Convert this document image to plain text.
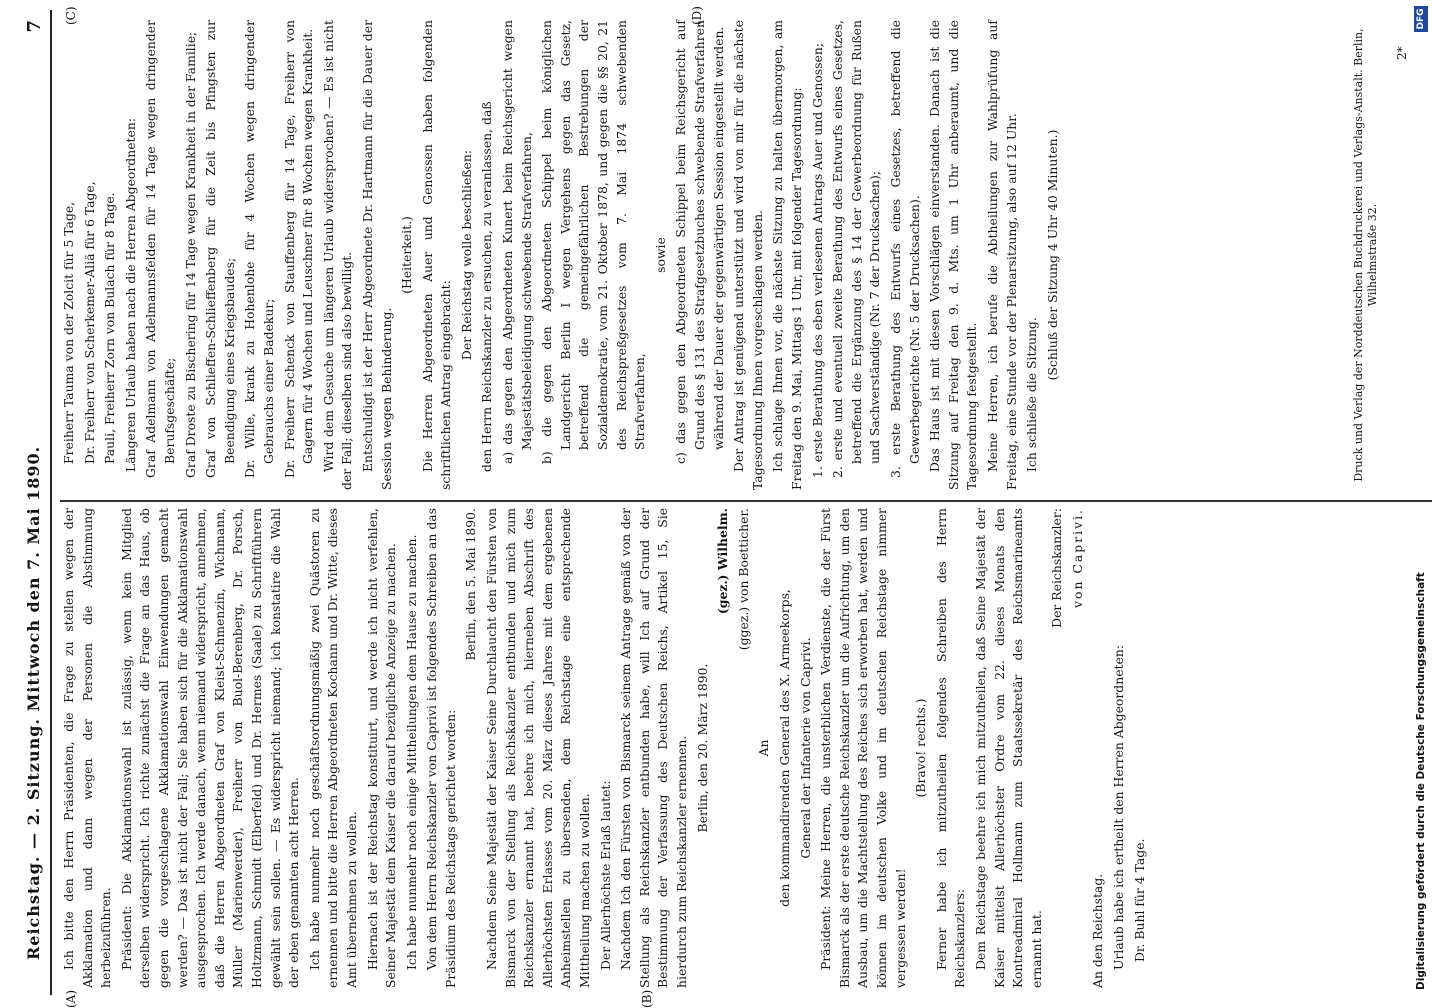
Reichstag. — 2. Sitzung. Mittwoch den 7. Mai 1890.
7
(A)	(B)
(C)	(D)

Ich bitte den Herrn Präsidenten, die Frage zu stellen wegen der Akklamation und dann wegen der Personen die Abstimmung herbeizuführen. Präsident: Die Akklamationswahl ist zulässig, wenn kein Mitglied derselben widerspricht. Ich richte zunächst die Frage an das Haus, ob gegen die vorgeschlagene Akklamationswahl Einwendungen gemacht werden? — Das ist nicht der Fall; Sie haben sich für die Akklamationswahl ausgesprochen. Ich werde danach, wenn niemand widerspricht, annehmen, daß die Herren Abgeordneten Graf von Kleist-Schmenzin, Wichmann, Müller (Marienwerder), Freiherr von Buol-Berenberg, Dr. Porsch, Holtzmann, Schmidt (Elberfeld) und Dr. Hermes (Saale) zu Schriftführern gewählt sein sollen. — Es widerspricht niemand; ich konstatire die Wahl der eben genannten acht Herren. Ich habe nunmehr noch geschäftsordnungsmäßig zwei Quästoren zu ernennen und bitte die Herren Abgeordneten Kochann und Dr. Witte, dieses Amt übernehmen zu wollen. Hiernach ist der Reichstag konstituirt, und werde ich nicht verfehlen, Seiner Majestät dem Kaiser die darauf bezügliche Anzeige zu machen. Ich habe nunmehr noch einige Mittheilungen dem Hause zu machen. Von dem Herrn Reichskanzler von Caprivi ist folgendes Schreiben an das Präsidium des Reichstags gerichtet worden:

Berlin, den 5. Mai 1890. Nachdem Seine Majestät der Kaiser Seine Durchlaucht den Fürsten von Bismarck von der Stellung als Reichskanzler entbunden und mich zum Reichskanzler ernannt hat, beehre ich mich, hierneben Abschrift des Allerhöchsten Erlasses vom 20. März dieses Jahres mit dem ergebenen Anheimstellen zu übersenden, dem Reichstage eine entsprechende Mittheilung machen zu wollen. Der Allerhöchste Erlaß lautet: Nachdem Ich den Fürsten von Bismarck seinem Antrage gemäß von der Stellung als Reichskanzler entbunden habe, will Ich auf Grund der Bestimmung der Verfassung des Deutschen Reichs, Artikel 15, Sie hierdurch zum Reichskanzler ernennen. Berlin, den 20. März 1890.

(gez.) Wilhelm. (ggez.) von Boetticher.

An den kommandirenden General des X. Armeekorps, General der Infanterie von Caprivi. Präsident: Meine Herren, die unsterblichen Verdienste, die der Fürst Bismarck als der erste deutsche Reichskanzler um die Aufrichtung, um den Ausbau, um die Machtstellung des Reiches sich erworben hat, werden und können im deutschen Volke und im deutschen Reichstage nimmer vergessen werden!

(Bravo! rechts.) Ferner habe ich mitzutheilen folgendes Schreiben des Herrn Reichskanzlers: Dem Reichstage beehre ich mich mitzutheilen, daß Seine Majestät der Kaiser mittelst Allerhöchster Ordre vom 22. dieses Monats den Kontreadmiral Hollmann zum Staatssekretär des Reichsmarineamts ernannt hat.

Der Reichskanzler: von Caprivi.

An den Reichstag. Urlaub habe ich ertheilt den Herren Abgeordneten: Dr. Buhl für 4 Tage.

Freiherr Tauma von der Zolcit für 5 Tage, Dr. Freiherr von Scherkemer-Aliä für 6 Tage, Pauli, Freiherr Zorn von Bulach für 8 Tage. Längeren Urlaub haben nach die Herren Abgeordneten: Graf Adelmann von Adelmannsfelden für 14 Tage wegen dringender Berufsgeschäfte; Graf Droste zu Bischering für 14 Tage wegen Krankheit in der Familie; Graf von Schlieffen-Schlieffenberg für die Zeit bis Pfingsten zur Beendigung eines Kriegsbaudes; Dr. Wille, krank zu Hohenlohe für 4 Wochen wegen dringender Gebrauchs einer Badekur; Dr. Freiherr Schenck von Stauffenberg für 14 Tage, Freiherr von Gagern für 4 Wochen und Leuschner für 8 Wochen wegen Krankheit. Wird dem Gesuche um längeren Urlaub widersprochen? — Es ist nicht der Fall; dieselben sind also bewilligt. Entschuldigt ist der Herr Abgeordnete Dr. Hartmann für die Dauer der Session wegen Behinderung.

(Heiterkeit.) Die Herren Abgeordneten Auer und Genossen haben folgenden schriftlichen Antrag eingebracht:

Der Reichstag wolle beschließen: den Herrn Reichskanzler zu ersuchen, zu veranlassen, daß a) das gegen den Abgeordneten Kunert beim Reichsgericht wegen Majestätsbeleidigung schwebende Strafverfahren, b) die gegen den Abgeordneten Schippel beim königlichen Landgericht Berlin I wegen Vergehens gegen das Gesetz, betreffend die gemeingefährlichen Bestrebungen der Sozialdemokratie, vom 21. Oktober 1878, und gegen die §§ 20, 21 des Reichspreßgesetzes vom 7. Mai 1874 schwebenden Strafverfahren,

sowie c) das gegen den Abgeordneten Schippel beim Reichsgericht auf Grund des § 131 des Strafgesetzbuches schwebende Strafverfahren während der Dauer der gegenwärtigen Session eingestellt werden. Der Antrag ist genügend unterstützt und wird von mir für die nächste Tagesordnung Ihnen vorgeschlagen werden. Ich schlage Ihnen vor, die nächste Sitzung zu halten übermorgen, am Freitag den 9. Mai, Mittags 1 Uhr, mit folgender Tagesordnung: 1. erste Berathung des eben verlesenen Antrags Auer und Genossen; 2. erste und eventuell zweite Berathung des Entwurfs eines Gesetzes, betreffend die Ergänzung des § 14 der Gewerbeordnung für Rußen und Sachverständige (Nr. 7 der Drucksachen); 3. erste Berathung des Entwurfs eines Gesetzes, betreffend die Gewerbegerichte (Nr. 5 der Drucksachen). Das Haus ist mit diesen Vorschlägen einverstanden. Danach ist die Sitzung auf Freitag den 9. d. Mts. um 1 Uhr anberaumt, und die Tagesordnung festgestellt. Meine Herren, ich berufe die Abtheilungen zur Wahlprüfung auf Freitag, eine Stunde vor der Plenarsitzung, also auf 12 Uhr. Ich schließe die Sitzung.

(Schluß der Sitzung 4 Uhr 40 Minuten.)	Druck und Verlag der Norddeutschen Buchdruckerei und Verlags-Anstalt. Berlin, Wilhelmstraße 32.
2*
Digitalisierung gefördert durch die Deutsche Forschungsgemeinschaft
DFG
